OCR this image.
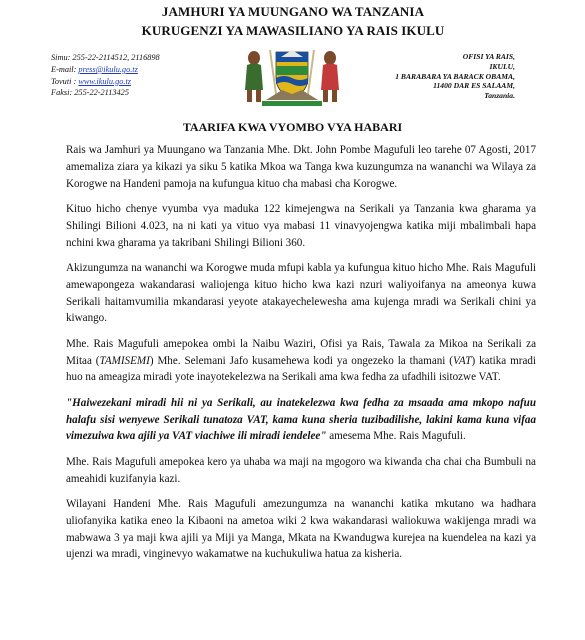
JAMHURI YA MUUNGANO WA TANZANIA
KURUGENZI YA MAWASILIANO YA RAIS IKULU
Simu: 255-22-2114512, 2116898
E-mail: press@ikulu.go.tz
Tovuti : www.ikulu.go.tz
Faksi: 255-22-2113425
OFISI YA RAIS,
IKULU,
1 BARABARA YA BARACK OBAMA,
11400 DAR ES SALAAM,
Tanzania.
TAARIFA KWA VYOMBO VYA HABARI

Rais wa Jamhuri ya Muungano wa Tanzania Mhe. Dkt. John Pombe Magufuli leo tarehe 07 Agosti, 2017 amemaliza ziara ya kikazi ya siku 5 katika Mkoa wa Tanga kwa kuzungumza na wananchi wa Wilaya za Korogwe na Handeni pamoja na kufungua kituo cha mabasi cha Korogwe.

Kituo hicho chenye vyumba vya maduka 122 kimejengwa na Serikali ya Tanzania kwa gharama ya Shilingi Bilioni 4.023, na ni kati ya vituo vya mabasi 11 vinavyojengwa katika miji mbalimbali hapa nchini kwa gharama ya takribani Shilingi Bilioni 360.

Akizungumza na wananchi wa Korogwe muda mfupi kabla ya kufungua kituo hicho Mhe. Rais Magufuli amewapongeza wakandarasi waliojenga kituo hicho kwa kazi nzuri waliyoifanya na ameonya kuwa Serikali haitamvumilia mkandarasi yeyote atakayechelewesha ama kujenga mradi wa Serikali chini ya kiwango.

Mhe. Rais Magufuli amepokea ombi la Naibu Waziri, Ofisi ya Rais, Tawala za Mikoa na Serikali za Mitaa (TAMISEMI) Mhe. Selemani Jafo kusamehewa kodi ya ongezeko la thamani (VAT) katika mradi huo na ameagiza miradi yote inayotekelezwa na Serikali ama kwa fedha za ufadhili isitozwe VAT.

"Haiwezekani miradi hii ni ya Serikali, au inatekelezwa kwa fedha za msaada ama mkopo nafuu halafu sisi wenyewe Serikali tunatoza VAT, kama kuna sheria tuzibadilishe, lakini kama kuna vifaa vimezuiwa kwa ajili ya VAT viachiwe ili miradi iendelee" amesema Mhe. Rais Magufuli.

Mhe. Rais Magufuli amepokea kero ya uhaba wa maji na mgogoro wa kiwanda cha chai cha Bumbuli na ameahidi kuzifanyia kazi.

Wilayani Handeni Mhe. Rais Magufuli amezungumza na wananchi katika mkutano wa hadhara uliofanyika katika eneo la Kibaoni na ametoa wiki 2 kwa wakandarasi waliokuwa wakijenga mradi wa mabwawa 3 ya maji kwa ajili ya Miji ya Manga, Mkata na Kwandugwa kurejea na kuendelea na kazi ya ujenzi wa mradi, vinginevyo wakamatwe na kuchukuliwa hatua za kisheria.
